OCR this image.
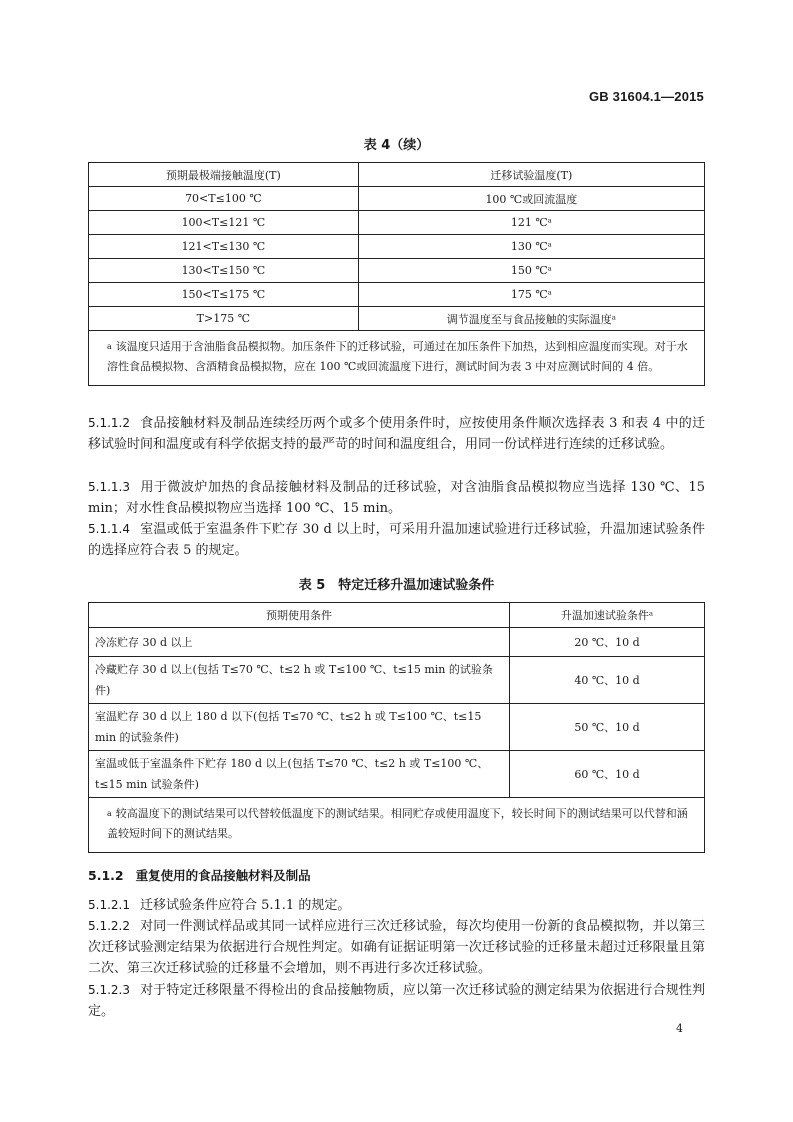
GB 31604.1—2015
表 4（续）
预期最极端接触温度(T)	迁移试验温度(T)
70<T≤100 ℃	100 ℃或回流温度
100<T≤121 ℃	121 ℃ᵃ
121<T≤130 ℃	130 ℃ᵃ
130<T≤150 ℃	150 ℃ᵃ
150<T≤175 ℃	175 ℃ᵃ
T>175 ℃	调节温度至与食品接触的实际温度ᵃ
$^a$ 该温度只适用于含油脂食品模拟物。加压条件下的迁移试验，可通过在加压条件下加热，达到相应温度而实现。对于水溶性食品模拟物、含酒精食品模拟物，应在 100 ℃或回流温度下进行，测试时间为表 3 中对应测试时间的 4 倍。	
5.1.1.2 食品接触材料及制品连续经历两个或多个使用条件时，应按使用条件顺次选择表 3 和表 4 中的迁移试验时间和温度或有科学依据支持的最严苛的时间和温度组合，用同一份试样进行连续的迁移试验。
5.1.1.3 用于微波炉加热的食品接触材料及制品的迁移试验，对含油脂食品模拟物应当选择 130 ℃、15 min；对水性食品模拟物应当选择 100 ℃、15 min。
5.1.1.4 室温或低于室温条件下贮存 30 d 以上时，可采用升温加速试验进行迁移试验，升温加速试验条件的选择应符合表 5 的规定。
表 5　特定迁移升温加速试验条件
预期使用条件	升温加速试验条件ᵃ
冷冻贮存 30 d 以上	20 ℃、10 d
冷藏贮存 30 d 以上(包括 T≤70 ℃、t≤2 h 或 T≤100 ℃、t≤15 min 的试验条件)	40 ℃、10 d
室温贮存 30 d 以上 180 d 以下(包括 T≤70 ℃、t≤2 h 或 T≤100 ℃、t≤15 min 的试验条件)	50 ℃、10 d
室温或低于室温条件下贮存 180 d 以上(包括 T≤70 ℃、t≤2 h 或 T≤100 ℃、t≤15 min 试验条件)	60 ℃、10 d
$^a$ 较高温度下的测试结果可以代替较低温度下的测试结果。相同贮存或使用温度下，较长时间下的测试结果可以代替和涵盖较短时间下的测试结果。	
5.1.2 重复使用的食品接触材料及制品
5.1.2.1 迁移试验条件应符合 5.1.1 的规定。
5.1.2.2 对同一件测试样品或其同一试样应进行三次迁移试验，每次均使用一份新的食品模拟物，并以第三次迁移试验测定结果为依据进行合规性判定。如确有证据证明第一次迁移试验的迁移量未超过迁移限量且第二次、第三次迁移试验的迁移量不会增加，则不再进行多次迁移试验。
5.1.2.3 对于特定迁移限量不得检出的食品接触物质，应以第一次迁移试验的测定结果为依据进行合规性判定。
4
